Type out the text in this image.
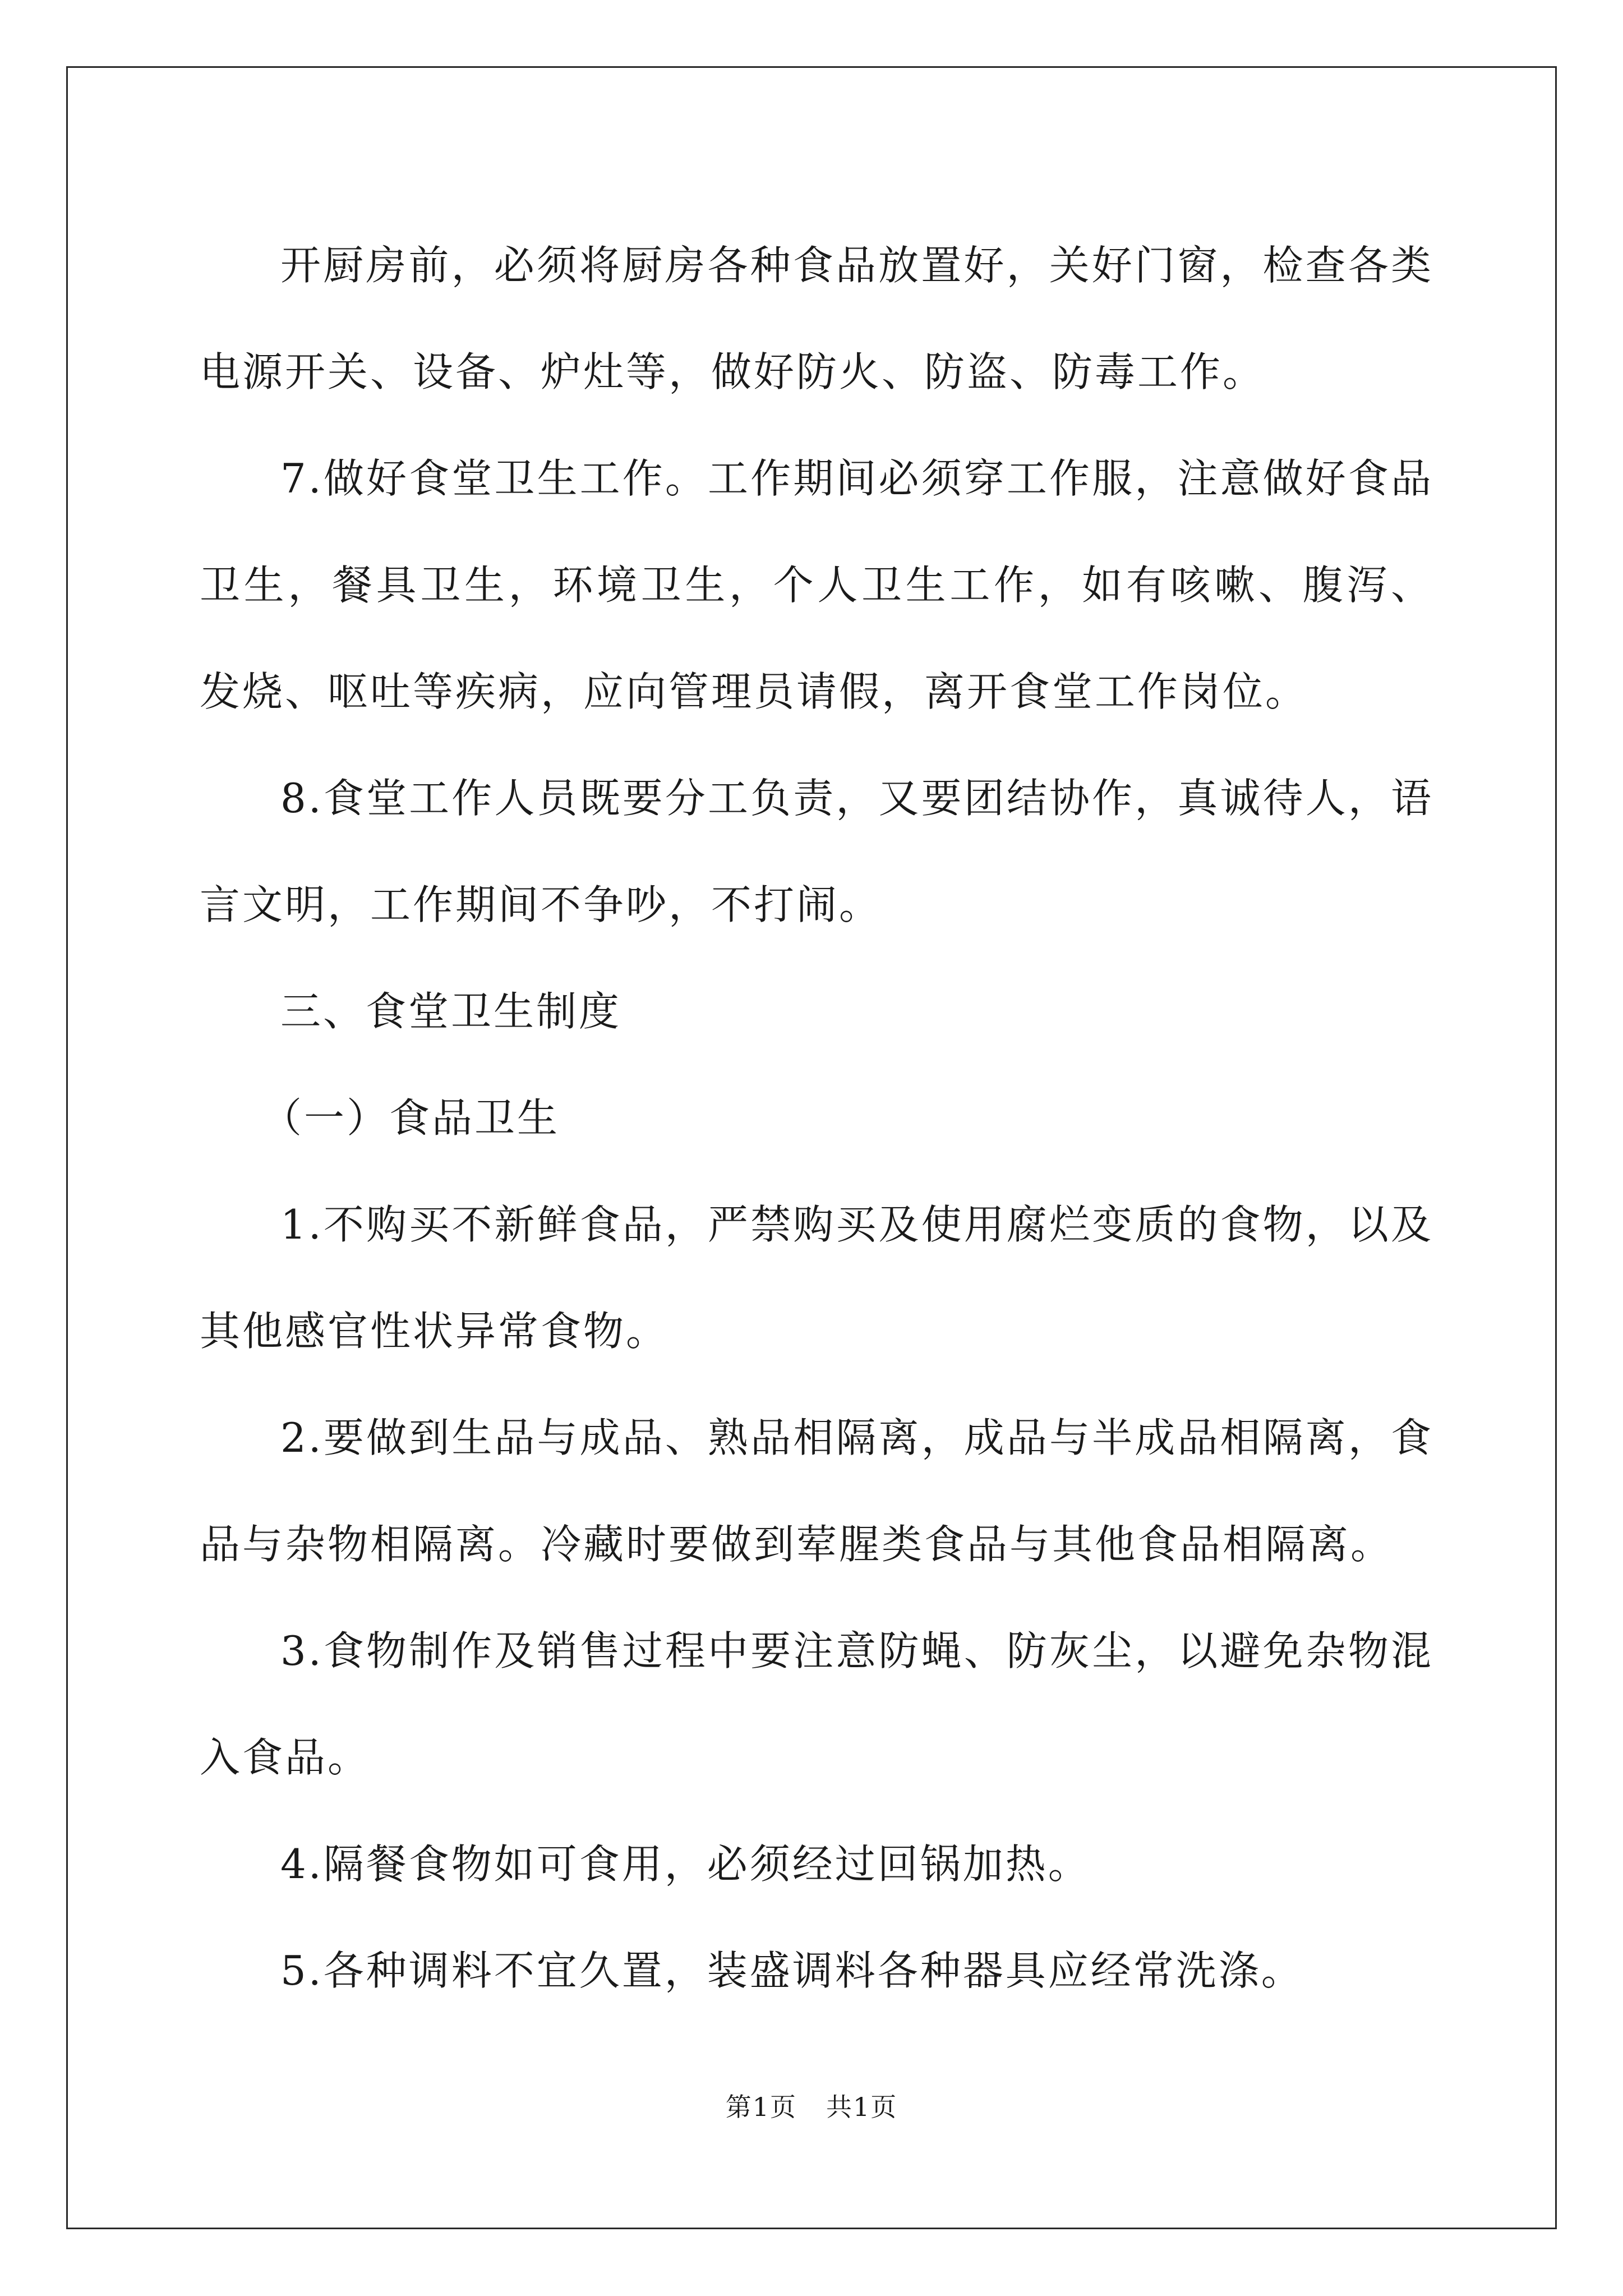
开厨房前，必须将厨房各种食品放置好，关好门窗，检查各类电源开关、设备、炉灶等，做好防火、防盗、防毒工作。

7.做好食堂卫生工作。工作期间必须穿工作服，注意做好食品卫生，餐具卫生，环境卫生，个人卫生工作，如有咳嗽、腹泻、发烧、呕吐等疾病，应向管理员请假，离开食堂工作岗位。

8.食堂工作人员既要分工负责，又要团结协作，真诚待人，语言文明，工作期间不争吵，不打闹。

三、食堂卫生制度

（一）食品卫生

1.不购买不新鲜食品，严禁购买及使用腐烂变质的食物，以及其他感官性状异常食物。

2.要做到生品与成品、熟品相隔离，成品与半成品相隔离，食品与杂物相隔离。冷藏时要做到荤腥类食品与其他食品相隔离。

3.食物制作及销售过程中要注意防蝇、防灰尘，以避免杂物混入食品。

4.隔餐食物如可食用，必须经过回锅加热。

5.各种调料不宜久置，装盛调料各种器具应经常洗涤。

第1页 共1页
